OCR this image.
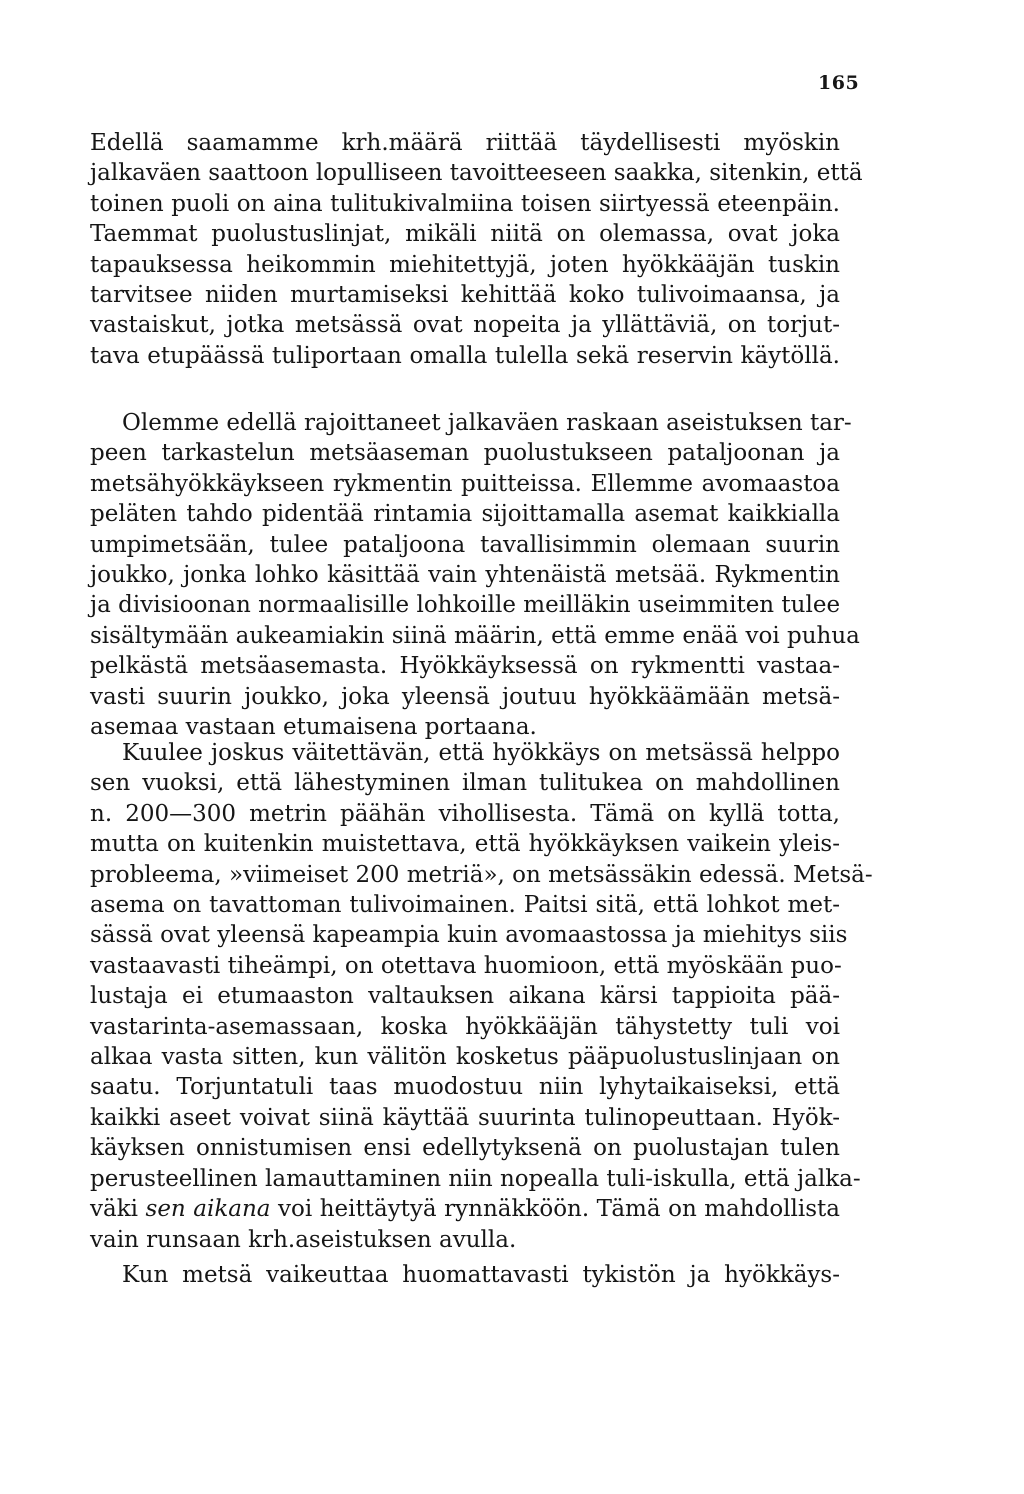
165
Edellä saamamme krh.määrä riittää täydellisesti myöskin
jalkaväen saattoon lopulliseen tavoitteeseen saakka, sitenkin, että
toinen puoli on aina tulitukivalmiina toisen siirtyessä eteenpäin.
Taemmat puolustuslinjat, mikäli niitä on olemassa, ovat joka
tapauksessa heikommin miehitettyjä, joten hyökkääjän tuskin
tarvitsee niiden murtamiseksi kehittää koko tulivoimaansa, ja
vastaiskut, jotka metsässä ovat nopeita ja yllättäviä, on torjut-
tava etupäässä tuliportaan omalla tulella sekä reservin käytöllä.
Olemme edellä rajoittaneet jalkaväen raskaan aseistuksen tar-
peen tarkastelun metsäaseman puolustukseen pataljoonan ja
metsähyökkäykseen rykmentin puitteissa. Ellemme avomaastoa
peläten tahdo pidentää rintamia sijoittamalla asemat kaikkialla
umpimetsään, tulee pataljoona tavallisimmin olemaan suurin
joukko, jonka lohko käsittää vain yhtenäistä metsää. Rykmentin
ja divisioonan normaalisille lohkoille meilläkin useimmiten tulee
sisältymään aukeamiakin siinä määrin, että emme enää voi puhua
pelkästä metsäasemasta. Hyökkäyksessä on rykmentti vastaa-
vasti suurin joukko, joka yleensä joutuu hyökkäämään metsä-
asemaa vastaan etumaisena portaana.
Kuulee joskus väitettävän, että hyökkäys on metsässä helppo
sen vuoksi, että lähestyminen ilman tulitukea on mahdollinen
n. 200—300 metrin päähän vihollisesta. Tämä on kyllä totta,
mutta on kuitenkin muistettava, että hyökkäyksen vaikein yleis-
probleema, »viimeiset 200 metriä», on metsässäkin edessä. Metsä-
asema on tavattoman tulivoimainen. Paitsi sitä, että lohkot met-
sässä ovat yleensä kapeampia kuin avomaastossa ja miehitys siis
vastaavasti tiheämpi, on otettava huomioon, että myöskään puo-
lustaja ei etumaaston valtauksen aikana kärsi tappioita pää-
vastarinta-asemassaan, koska hyökkääjän tähystetty tuli voi
alkaa vasta sitten, kun välitön kosketus pääpuolustuslinjaan on
saatu. Torjuntatuli taas muodostuu niin lyhytaikaiseksi, että
kaikki aseet voivat siinä käyttää suurinta tulinopeuttaan. Hyök-
käyksen onnistumisen ensi edellytyksenä on puolustajan tulen
perusteellinen lamauttaminen niin nopealla tuli-iskulla, että jalka-
väki sen aikana voi heittäytyä rynnäkköön. Tämä on mahdollista
vain runsaan krh.aseistuksen avulla.
Kun metsä vaikeuttaa huomattavasti tykistön ja hyökkäys-
